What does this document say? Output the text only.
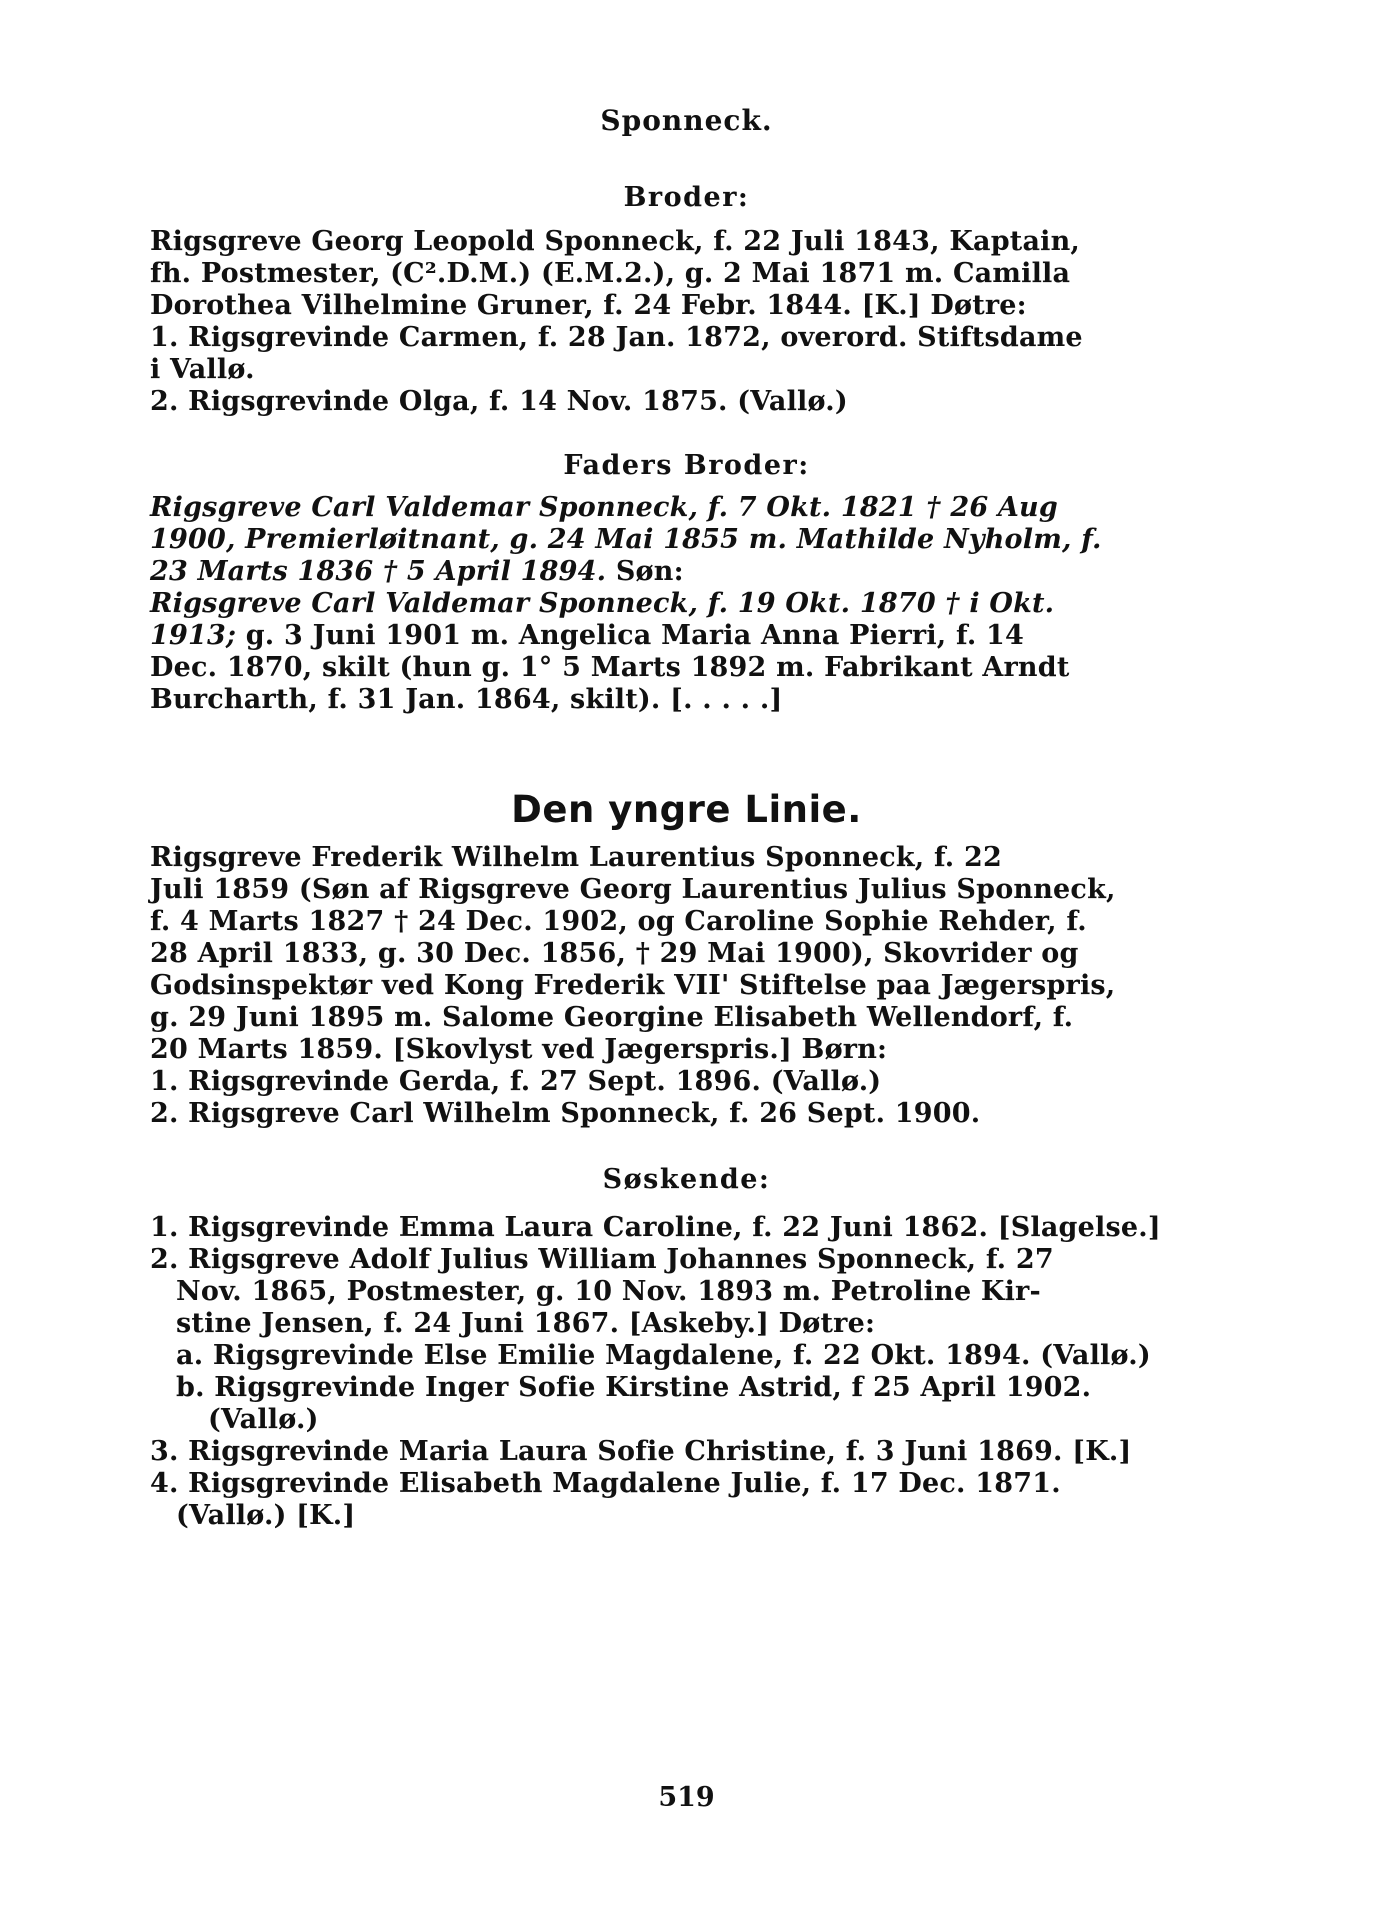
Sponneck.
Broder:
Rigsgreve Georg Leopold Sponneck, f. 22 Juli 1843, Kaptain,
fh. Postmester, (C².D.M.) (E.M.2.), g. 2 Mai 1871 m. Camilla
Dorothea Vilhelmine Gruner, f. 24 Febr. 1844. [K.] Døtre:
1. Rigsgrevinde Carmen, f. 28 Jan. 1872, overord. Stiftsdame
i Vallø.
2. Rigsgrevinde Olga, f. 14 Nov. 1875. (Vallø.)
Faders Broder:
Rigsgreve Carl Valdemar Sponneck, f. 7 Okt. 1821 † 26 Aug
1900, Premierløitnant, g. 24 Mai 1855 m. Mathilde Nyholm, f.
23 Marts 1836 † 5 April 1894. Søn:
Rigsgreve Carl Valdemar Sponneck, f. 19 Okt. 1870 † i Okt.
1913; g. 3 Juni 1901 m. Angelica Maria Anna Pierri, f. 14
Dec. 1870, skilt (hun g. 1° 5 Marts 1892 m. Fabrikant Arndt
Burcharth, f. 31 Jan. 1864, skilt). [. . . . .]
Den yngre Linie.
Rigsgreve Frederik Wilhelm Laurentius Sponneck, f. 22
Juli 1859 (Søn af Rigsgreve Georg Laurentius Julius Sponneck,
f. 4 Marts 1827 † 24 Dec. 1902, og Caroline Sophie Rehder, f.
28 April 1833, g. 30 Dec. 1856, † 29 Mai 1900), Skovrider og
Godsinspektør ved Kong Frederik VII' Stiftelse paa Jægerspris,
g. 29 Juni 1895 m. Salome Georgine Elisabeth Wellendorf, f.
20 Marts 1859. [Skovlyst ved Jægerspris.] Børn:
1. Rigsgrevinde Gerda, f. 27 Sept. 1896. (Vallø.)
2. Rigsgreve Carl Wilhelm Sponneck, f. 26 Sept. 1900.
Søskende:
1. Rigsgrevinde Emma Laura Caroline, f. 22 Juni 1862. [Slagelse.]
2. Rigsgreve Adolf Julius William Johannes Sponneck, f. 27
Nov. 1865, Postmester, g. 10 Nov. 1893 m. Petroline Kir-
stine Jensen, f. 24 Juni 1867. [Askeby.] Døtre:
a. Rigsgrevinde Else Emilie Magdalene, f. 22 Okt. 1894. (Vallø.)
b. Rigsgrevinde Inger Sofie Kirstine Astrid, f 25 April 1902.
(Vallø.)
3. Rigsgrevinde Maria Laura Sofie Christine, f. 3 Juni 1869. [K.]
4. Rigsgrevinde Elisabeth Magdalene Julie, f. 17 Dec. 1871.
(Vallø.) [K.]
519
